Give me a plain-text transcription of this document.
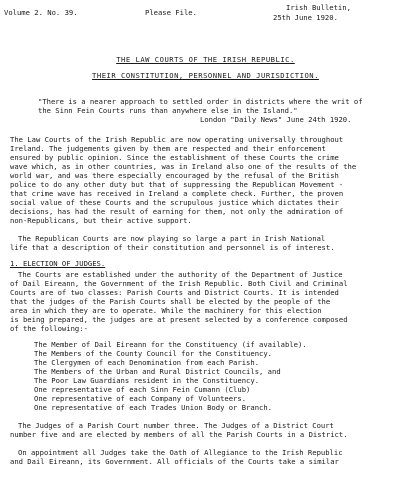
Volume 2. No. 39.	Please File.
Irish Bulletin,
25th June 1920.
THE LAW COURTS OF THE IRISH REPUBLIC.
THEIR CONSTITUTION, PERSONNEL AND JURISDICTION.
"There is a nearer approach to settled order in districts where the writ of
the Sinn Fein Courts runs than anywhere else in the Island."
London "Daily News" June 24th 1920.
The Law Courts of the Irish Republic are now operating universally throughout
Ireland. The judgements given by them are respected and their enforcement
ensured by public opinion. Since the establishment of these Courts the crime
wave which, as in other countries, was in Ireland also one of the results of the
world war, and was there especially encouraged by the refusal of the British
police to do any other duty but that of suppressing the Republican Movement -
that crime wave has received in Ireland a complete check. Further, the proven
social value of these Courts and the scrupulous justice which dictates their
decisions, has had the result of earning for them, not only the admiration of
non-Republicans, but their active support.
The Republican Courts are now playing so large a part in Irish National
life that a description of their constitution and personnel is of interest.
1. ELECTION OF JUDGES.
The Courts are established under the authority of the Department of Justice
of Dail Eireann, the Government of the Irish Republic. Both Civil and Criminal
Courts are of two classes: Parish Courts and District Courts. It is intended
that the judges of the Parish Courts shall be elected by the people of the
area in which they are to operate. While the machinery for this election
is being prepared, the judges are at present selected by a conference composed
of the following:-
The Member of Dail Eireann for the Constituency (if available).
The Members of the County Council for the Constituency.
The Clergymen of each Denomination from each Parish.
The Members of the Urban and Rural District Councils, and
The Poor Law Guardians resident in the Constituency.
One representative of each Sinn Fein Cumann (Club)
One representative of each Company of Volunteers.
One representative of each Trades Union Body or Branch.
The Judges of a Parish Court number three. The Judges of a District Court
number five and are elected by members of all the Parish Courts in a District.
On appointment all Judges take the Oath of Allegiance to the Irish Republic
and Dail Eireann, its Government. All officials of the Courts take a similar
